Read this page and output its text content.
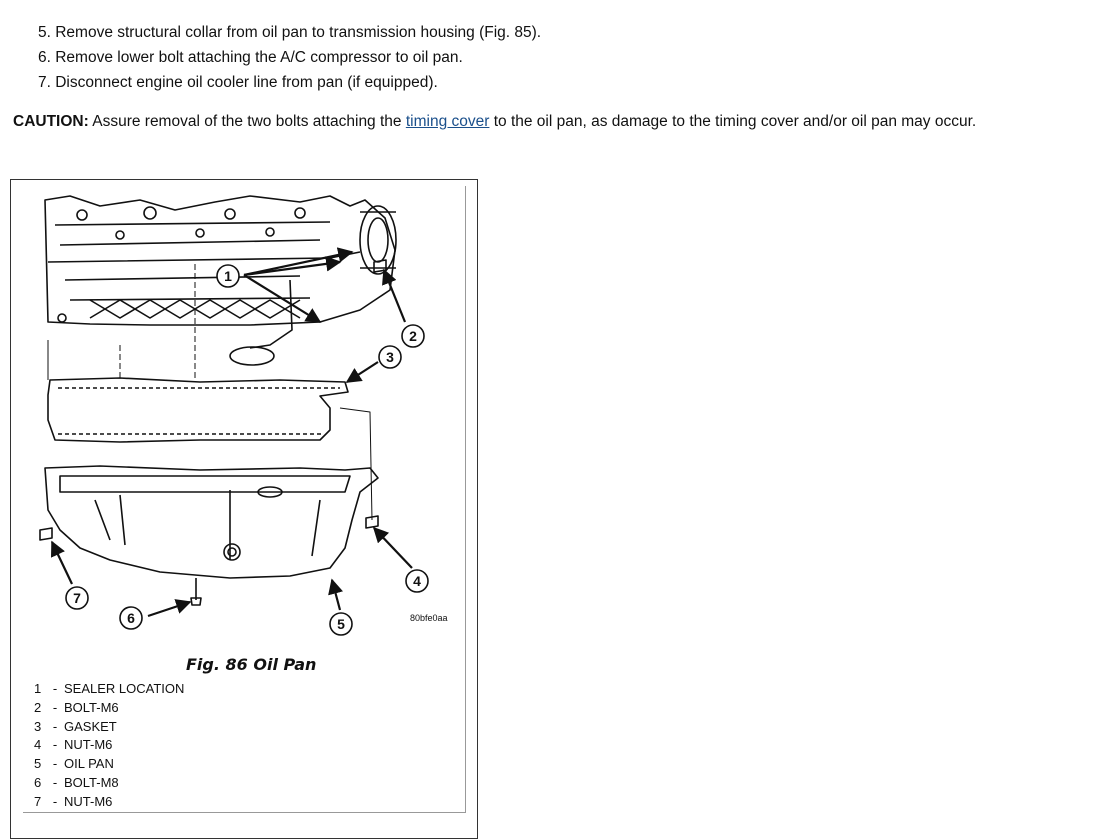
5. Remove structural collar from oil pan to transmission housing (Fig. 85).
6. Remove lower bolt attaching the A/C compressor to oil pan.
7. Disconnect engine oil cooler line from pan (if equipped).

CAUTION: Assure removal of the two bolts attaching the timing cover to the oil pan, as damage to the timing cover and/or oil pan may occur.

1
2
3
4
5
6
7
80bfe0aa
Fig. 86 Oil Pan
1 - SEALER LOCATION
2 - BOLT-M6
3 - GASKET
4 - NUT-M6
5 - OIL PAN
6 - BOLT-M8
7 - NUT-M6
